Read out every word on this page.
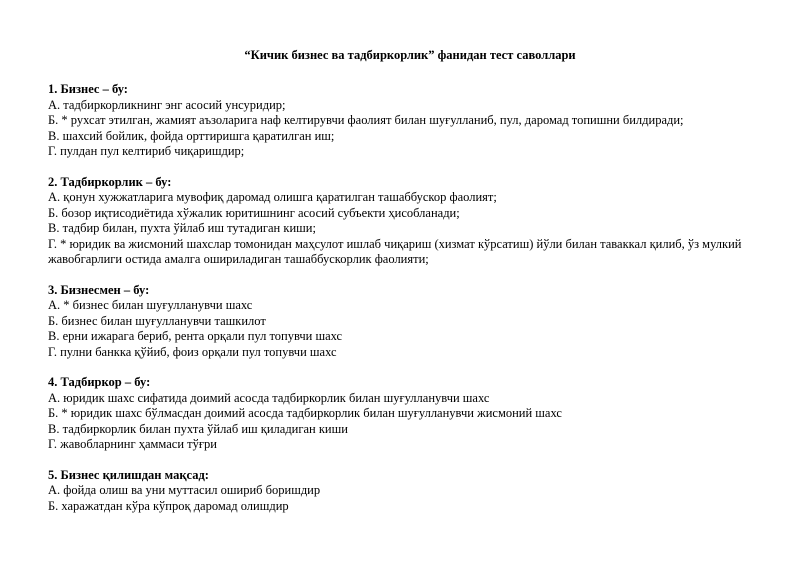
“Кичик бизнес ва тадбиркорлик” фанидан тест саволлари

1. Бизнес – бу:

А. тадбиркорликнинг энг асосий унсуридир;

Б. * рухсат этилган, жамият аъзоларига наф келтирувчи фаолият билан шуғулланиб, пул, даромад топишни билдиради;

В. шахсий бойлик, фойда орттиришга қаратилган иш;

Г. пулдан пул келтириб чиқаришдир;

2. Тадбиркорлик – бу:

А. қонун хужжатларига мувофиқ даромад олишга қаратилган ташаббускор фаолият;

Б. бозор иқтисодиётида хўжалик юритишнинг асосий субъекти ҳисобланади;

В. тадбир билан, пухта ўйлаб иш тутадиган киши;

Г. * юридик ва жисмоний шахслар томонидан маҳсулот ишлаб чиқариш (хизмат кўрсатиш) йўли билан таваккал қилиб, ўз мулкий жавобгарлиги остида амалга ошириладиган ташаббускорлик фаолияти;

3. Бизнесмен – бу:

А. * бизнес билан шуғулланувчи шахс

Б. бизнес билан шуғулланувчи ташкилот

В. ерни ижарага бериб, рента орқали пул топувчи шахс

Г. пулни банкка қўйиб, фоиз орқали пул топувчи шахс

4. Тадбиркор – бу:

А. юридик шахс сифатида доимий асосда тадбиркорлик билан шуғулланувчи шахс

Б. * юридик шахс бўлмасдан доимий асосда тадбиркорлик билан шуғулланувчи жисмоний шахс

В. тадбиркорлик билан пухта ўйлаб иш қиладиган киши

Г. жавобларнинг ҳаммаси тўғри

5. Бизнес қилишдан мақсад:

А. фойда олиш ва уни муттасил ошириб боришдир

Б. харажатдан кўра кўпроқ даромад олишдир
